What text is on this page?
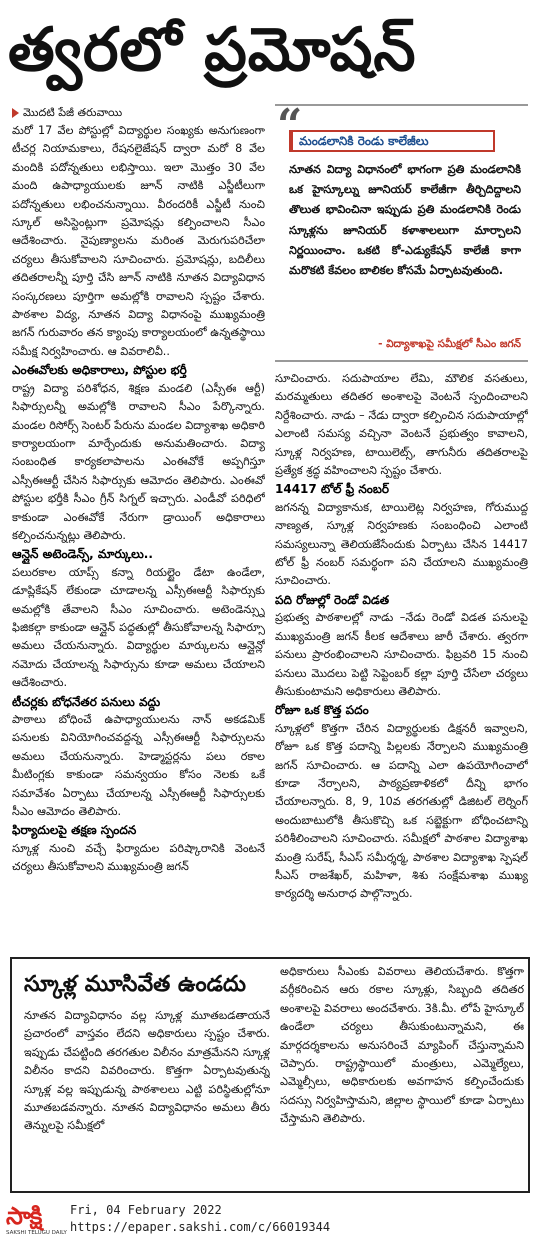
త్వరలో ప్రమోషన్
మొదటి పేజీ తరువాయి
మరో 17 వేల పోస్టుల్లో విద్యార్థుల సంఖ్యకు అనుగుణంగా టీచర్ల నియామకాలు, రేషనలైజేషన్ ద్వారా మరో 8 వేల మందికి పదోన్నతులు లభిస్తాయి. ఇలా మొత్తం 30 వేల మంది ఉపాధ్యాయులకు జూన్ నాటికి ఎస్జీటీలుగా పదోన్నతులు లభించనున్నాయి. వీరందరికీ ఎస్జీటీ నుంచి స్కూల్ అసిస్టెంట్లుగా ప్రమోషన్లు కల్పించాలని సీఎం ఆదేశించారు. నైపుణ్యాలను మరింత మెరుగుపరిచేలా చర్యలు తీసుకోవాలని సూచించారు. ప్రమోషన్లు, బదిలీలు తదితరాలన్నీ పూర్తి చేసి జూన్ నాటికి నూతన విద్యావిధాన సంస్కరణలు పూర్తిగా అమల్లోకి రావాలని స్పష్టం చేశారు. పాఠశాల విద్య, నూతన విద్యా విధానంపై ముఖ్యమంత్రి జగన్ గురువారం తన క్యాంపు కార్యాలయంలో ఉన్నతస్థాయి సమీక్ష నిర్వహించారు. ఆ వివరాలివీ..
ఎంఈవోలకు అధికారాలు, పోస్టుల భర్తీ
రాష్ట్ర విద్యా పరిశోధన, శిక్షణ మండలి (ఎస్సీఈ ఆర్టీ) సిఫార్సులన్నీ అమల్లోకి రావాలని సీఎం పేర్కొన్నారు. మండల రిసోర్స్ సెంటర్ పేరును మండల విద్యాశాఖ అధికారి కార్యాలయంగా మార్చేందుకు అనుమతించారు. విద్యా సంబంధిత కార్యకలాపాలను ఎంఈవోకే అప్పగిస్తూ ఎస్సీఈఆర్టీ చేసిన సిఫార్సుకు ఆమోదం తెలిపారు. ఎంఈవో పోస్టుల భర్తీకి సీఎం గ్రీన్ సిగ్నల్ ఇచ్చారు. ఎండీవో పరిధిలో కాకుండా ఎంఈవోకే నేరుగా డ్రాయింగ్ అధికారాలు కల్పించనున్నట్లు తెలిపారు.
ఆన్లైన్ అటెండెన్స్, మార్కులు..
పలురకాల యాప్స్ కన్నా రియల్టైం డేటా ఉండేలా, డూప్లికేషన్ లేకుండా చూడాలన్న ఎస్సీఈఆర్టీ సిఫార్సుకు అమల్లోకి తేవాలని సీఎం సూచించారు. అటెండెన్స్ను ఫిజికల్గా కాకుండా ఆన్లైన్ పద్ధతుల్లో తీసుకోవాలన్న సిఫార్సూ అమలు చేయనున్నారు. విద్యార్థుల మార్కులను ఆన్లైన్లో నమోదు చేయాలన్న సిఫార్సును కూడా అమలు చేయాలని ఆదేశించారు.
టీచర్లకు బోధనేతర పనులు వద్దు
పాఠాలు బోధించే ఉపాధ్యాయులను నాన్ అకడమిక్ పనులకు వినియోగించవద్దన్న ఎస్సీఈఆర్టీ సిఫార్సులను అమలు చేయనున్నారు. హెడ్మాస్టర్లను పలు రకాల మీటింగ్లకు కాకుండా సమన్వయం కోసం నెలకు ఒకే సమావేశం ఏర్పాటు చేయాలన్న ఎస్సీఈఆర్టీ సిఫార్సులకు సీఎం ఆమోదం తెలిపారు.
ఫిర్యాదులపై తక్షణ స్పందన
స్కూళ్ల నుంచి వచ్చే ఫిర్యాదుల పరిష్కారానికి వెంటనే చర్యలు తీసుకోవాలని ముఖ్యమంత్రి జగన్
“
మండలానికి రెండు కాలేజీలు
నూతన విద్యా విధానంలో భాగంగా ప్రతి మండలానికి ఒక హైస్కూల్ను జూనియర్ కాలేజీగా తీర్చిదిద్దాలని తొలుత భావించినా ఇప్పుడు ప్రతి మండలానికి రెండు స్కూళ్లను జూనియర్ కళాశాలలుగా మార్చాలని నిర్ణయించాం. ఒకటి కో-ఎడ్యుకేషన్ కాలేజీ కాగా మరొకటి కేవలం బాలికల కోసమే ఏర్పాటవుతుంది.
- విద్యాశాఖపై సమీక్షలో సీఎం జగన్
సూచించారు. సదుపాయాల లేమి, మౌలిక వసతులు, మరమ్మతులు తదితర అంశాలపై వెంటనే స్పందించాలని నిర్దేశించారు. నాడు – నేడు ద్వారా కల్పించిన సదుపాయాల్లో ఎలాంటి సమస్య వచ్చినా వెంటనే ప్రభుత్వం కావాలని, స్కూళ్ల నిర్వహణ, టాయిలెట్స్, తాగునీరు తదితరాలపై ప్రత్యేక శ్రద్ధ వహించాలని స్పష్టం చేశారు.
14417 టోల్ ఫ్రీ నంబర్
జగనన్న విద్యాకానుక, టాయిలెట్ల నిర్వహణ, గోరుముద్ద నాణ్యత, స్కూళ్ల నిర్వహణకు సంబంధించి ఎలాంటి సమస్యలున్నా తెలియజేసేందుకు ఏర్పాటు చేసిన 14417 టోల్ ఫ్రీ నంబర్ సమర్థంగా పని చేయాలని ముఖ్యమంత్రి సూచించారు.
పది రోజుల్లో రెండో విడత
ప్రభుత్వ పాఠశాలల్లో నాడు –నేడు రెండో విడత పనులపై ముఖ్యమంత్రి జగన్ కీలక ఆదేశాలు జారీ చేశారు. త్వరగా పనులు ప్రారంభించాలని సూచించారు. ఫిబ్రవరి 15 నుంచి పనులు మొదలు పెట్టి సెప్టెంబర్ కల్లా పూర్తి చేసేలా చర్యలు తీసుకుంటామని అధికారులు తెలిపారు.
రోజూ ఒక కొత్త పదం
స్కూళ్లలో కొత్తగా చేరిన విద్యార్థులకు డిక్షనరీ ఇవ్వాలని, రోజూ ఒక కొత్త పదాన్ని పిల్లలకు నేర్పాలని ముఖ్యమంత్రి జగన్ సూచించారు. ఆ పదాన్ని ఎలా ఉపయోగించాలో కూడా నేర్పాలని, పాఠ్యప్రణాళికలో దీన్ని భాగం చేయాలన్నారు. 8, 9, 10వ తరగతుల్లో డిజిటల్ లెర్నింగ్ అందుబాటులోకి తీసుకొచ్చి ఒక సబ్జెక్టుగా బోధించటాన్ని పరిశీలించాలని సూచించారు. సమీక్షలో పాఠశాల విద్యాశాఖ మంత్రి సురేష్, సీఎస్ సమీర్శర్మ, పాఠశాల విద్యాశాఖ స్పెషల్ సీఎస్ రాజశేఖర్, మహిళా, శిశు సంక్షేమశాఖ ముఖ్య కార్యదర్శి అనురాధ పాల్గొన్నారు.
స్కూళ్ల మూసివేత ఉండదు
నూతన విద్యావిధానం వల్ల స్కూళ్ల మూతబడతాయనే ప్రచారంలో వాస్తవం లేదని అధికారులు స్పష్టం చేశారు. ఇప్పుడు చేపట్టింది తరగతుల విలీనం మాత్రమేనని స్కూళ్ల విలీనం కాదని వివరించారు. కొత్తగా ఏర్పాటవుతున్న స్కూళ్ల వల్ల ఇప్పుడున్న పాఠశాలలు ఎట్టి పరిస్థితుల్లోనూ మూతబడవన్నారు. నూతన విద్యావిధానం అమలు తీరు తెన్నులపై సమీక్షలో
అధికారులు సీఎంకు వివరాలు తెలియచేశారు. కొత్తగా వర్గీకరించిన ఆరు రకాల స్కూళ్లు, సిబ్బంది తదితర అంశాలపై వివరాలు అందచేశారు. 3కి.మీ. లోపే హైస్కూల్ ఉండేలా చర్యలు తీసుకుంటున్నామని, ఈ మార్గదర్శకాలను అనుసరించే మ్యాపింగ్ చేస్తున్నామని చెప్పారు. రాష్ట్రస్థాయిలో మంత్రులు, ఎమ్మెల్యేలు, ఎమ్మెల్సీలు, అధికారులకు అవగాహన కల్పించేందుకు సదస్సు నిర్వహిస్తామని, జిల్లాల స్థాయిలో కూడా ఏర్పాటు చేస్తామని తెలిపారు.
సాక్షి
SAKSHI TELUGU DAILY
Fri, 04 February 2022
https://epaper.sakshi.com/c/66019344
